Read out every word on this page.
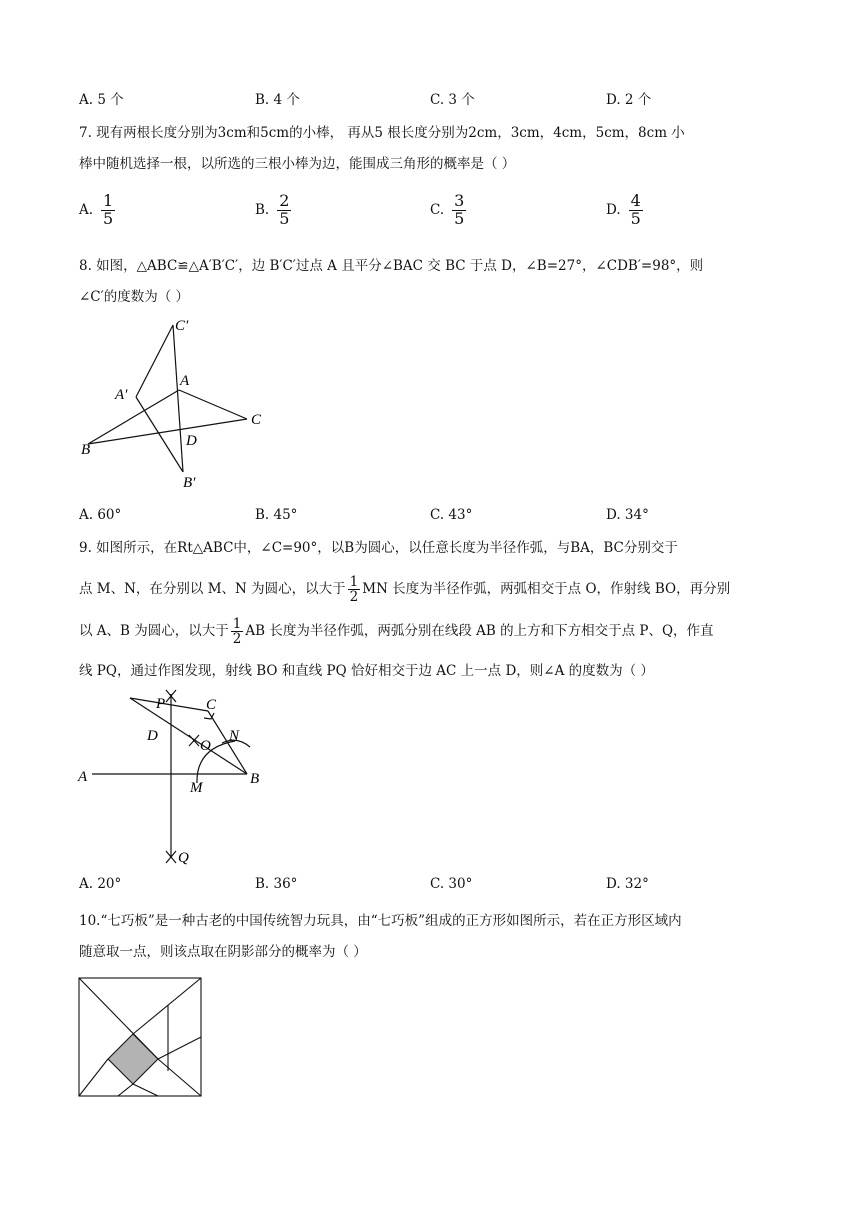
A. 5 个	B. 4 个	C. 3 个	D. 2 个
7. 现有两根长度分别为3cm和5cm的小棒， 再从5 根长度分别为2cm，3cm，4cm，5cm，8cm 小
棒中随机选择一根，以所选的三根小棒为边，能围成三角形的概率是（ ）
A. $\frac{1}{5}$	B. $\frac{2}{5}$	C. $\frac{3}{5}$	D. $\frac{4}{5}$
8. 如图，△ABC≌△A′B′C′，边 B′C′过点 A 且平分∠BAC 交 BC 于点 D，∠B=27°，∠CDB′=98°，则
∠C′的度数为（ ）
C′
A′
A
C
D
B
B′
A. 60°	B. 45°	C. 43°	D. 34°
9. 如图所示，在Rt△ABC中，∠C=90°，以B为圆心，以任意长度为半径作弧，与BA，BC分别交于
点 M、N，在分别以 M、N 为圆心，以大于 $\frac{1}{2}$ MN 长度为半径作弧，两弧相交于点 O，作射线 BO，再分别
以 A、B 为圆心，以大于 $\frac{1}{2}$ AB 长度为半径作弧，两弧分别在线段 AB 的上方和下方相交于点 P、Q，作直
线 PQ，通过作图发现，射线 BO 和直线 PQ 恰好相交于边 AC 上一点 D，则∠A 的度数为（ ）
P	C
D
O
N
A	B
M
Q
A. 20°	B. 36°	C. 30°	D. 32°
10.“七巧板”是一种古老的中国传统智力玩具，由“七巧板”组成的正方形如图所示，若在正方形区域内
随意取一点，则该点取在阴影部分的概率为（ ）
